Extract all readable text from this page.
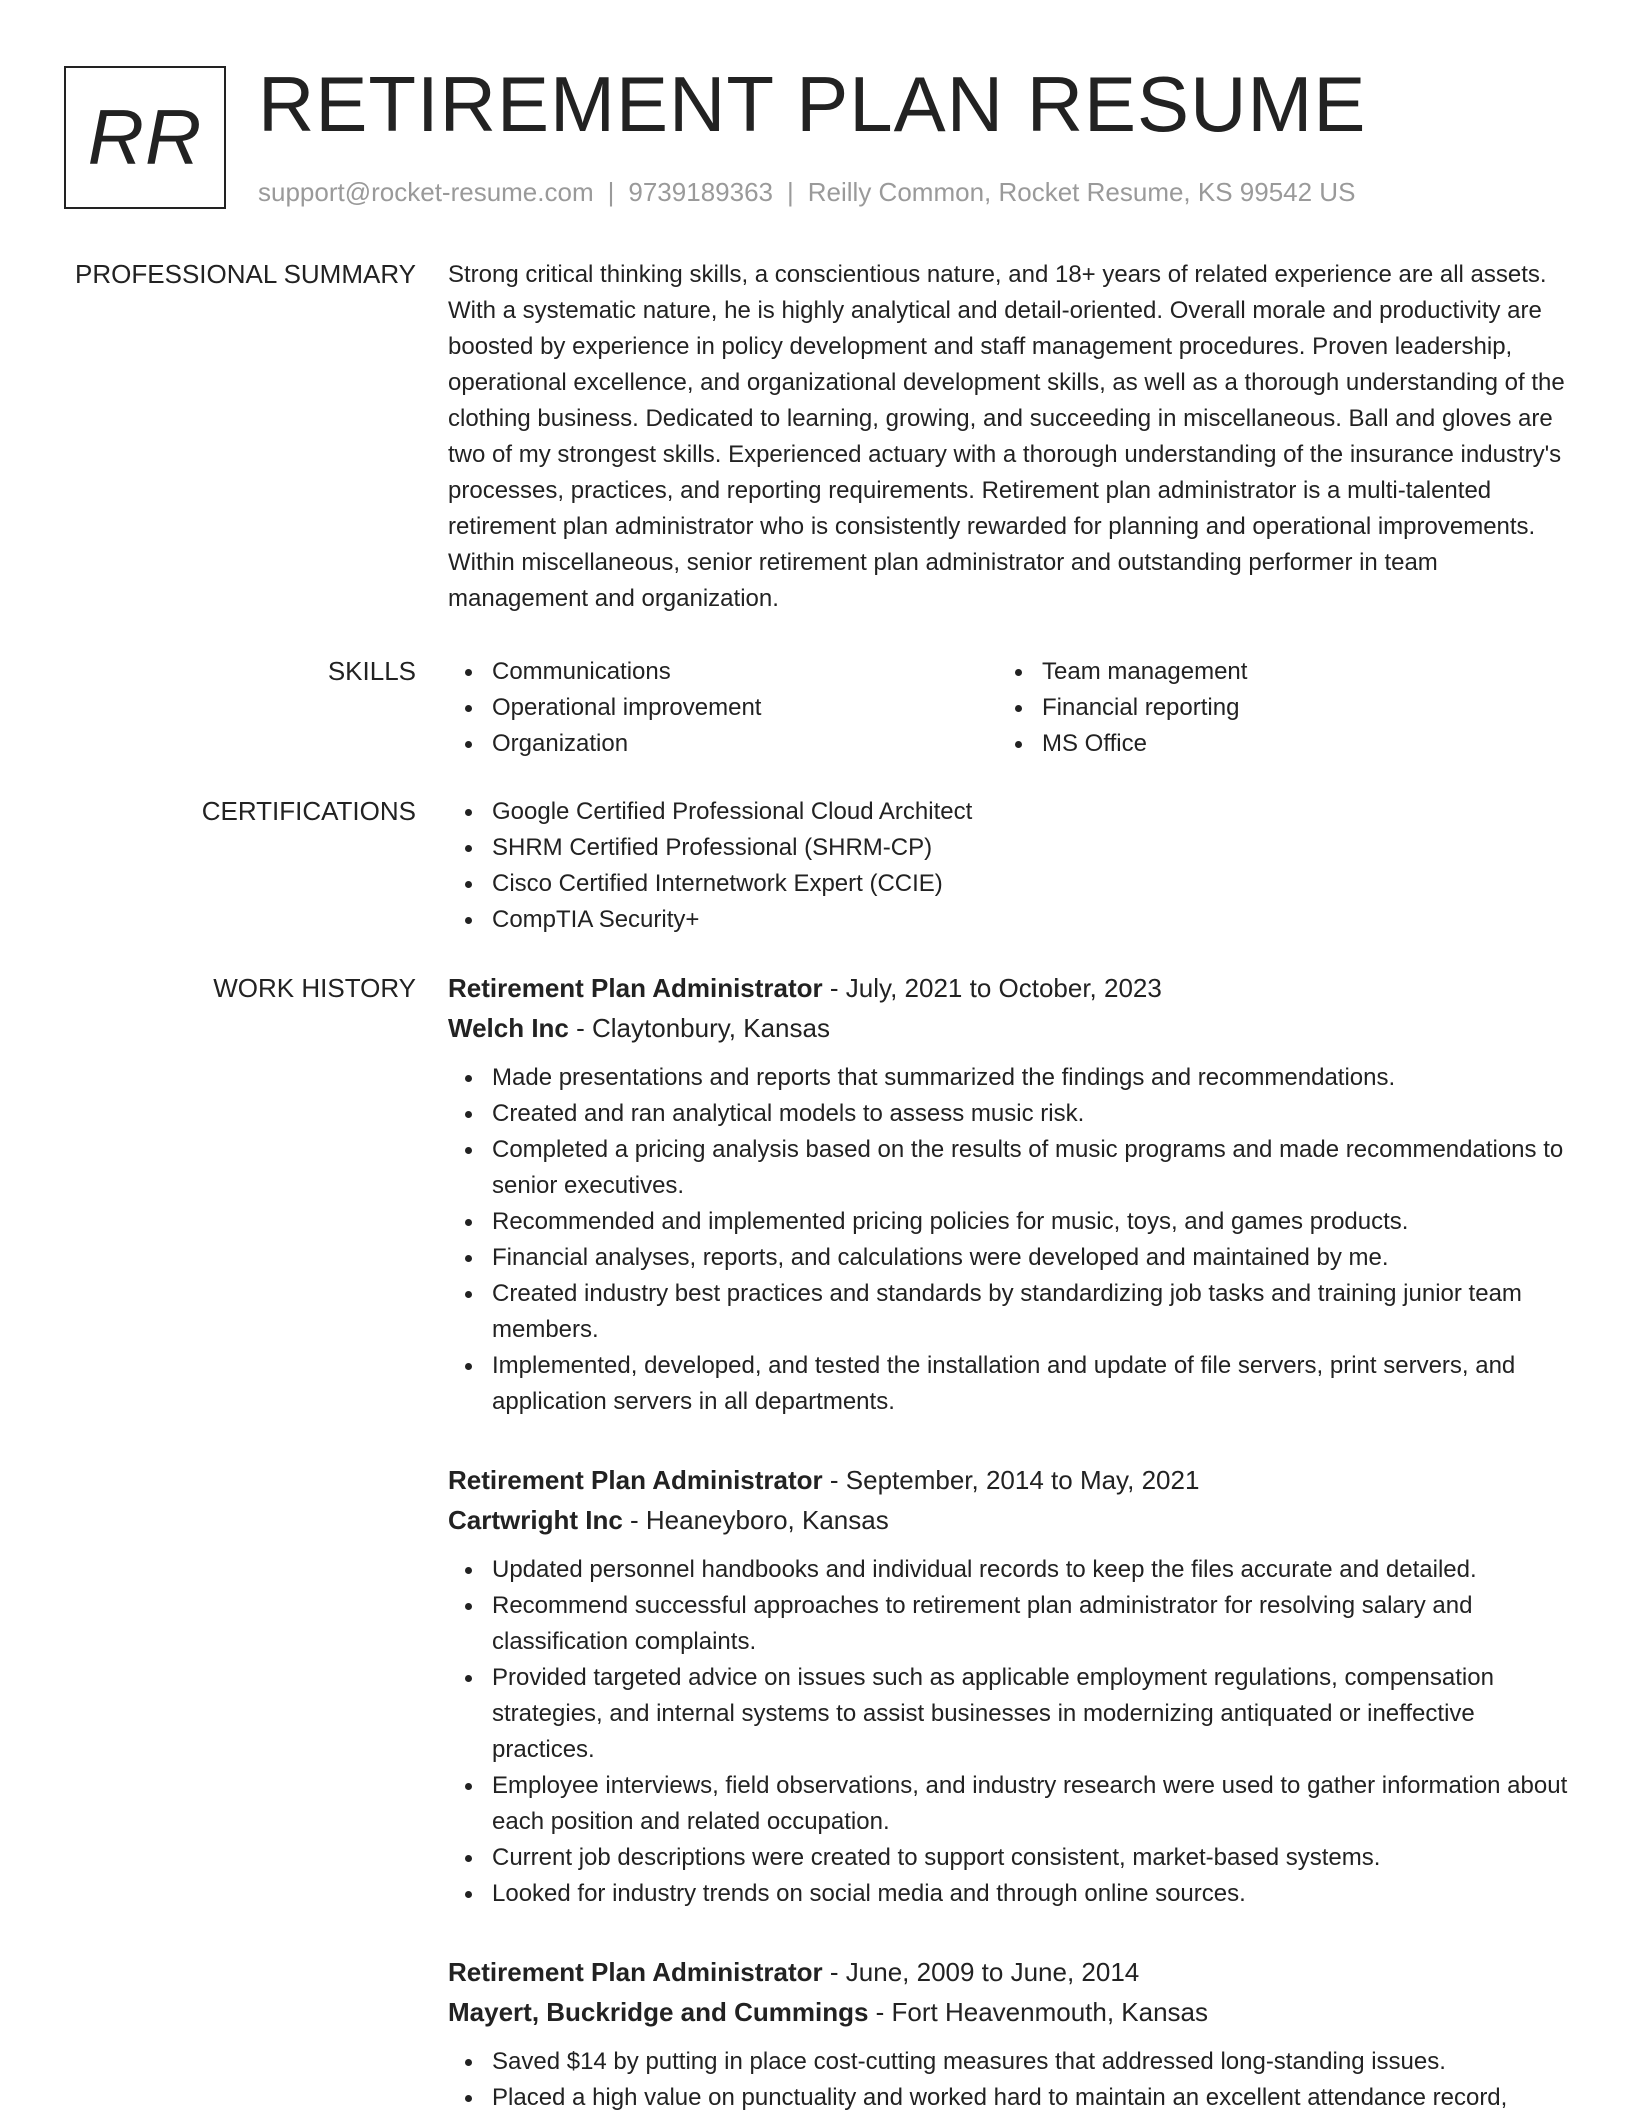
RR RETIREMENT PLAN RESUME
support@rocket-resume.com | 9739189363 | Reilly Common, Rocket Resume, KS 99542 US
PROFESSIONAL SUMMARY Strong critical thinking skills, a conscientious nature, and 18+ years of related experience are all assets. With a systematic nature, he is highly analytical and detail-oriented. Overall morale and productivity are boosted by experience in policy development and staff management procedures. Proven leadership, operational excellence, and organizational development skills, as well as a thorough understanding of the clothing business. Dedicated to learning, growing, and succeeding in miscellaneous. Ball and gloves are two of my strongest skills. Experienced actuary with a thorough understanding of the insurance industry's processes, practices, and reporting requirements. Retirement plan administrator is a multi-talented retirement plan administrator who is consistently rewarded for planning and operational improvements. Within miscellaneous, senior retirement plan administrator and outstanding performer in team management and organization.
SKILLS	Communications	Team management
Operational improvement	Financial reporting
Organization	MS Office
CERTIFICATIONS	Google Certified Professional Cloud Architect
SHRM Certified Professional (SHRM-CP)
Cisco Certified Internetwork Expert (CCIE)
CompTIA Security+
WORK HISTORY Retirement Plan Administrator - July, 2021 to October, 2023
Welch Inc - Claytonbury, Kansas
Made presentations and reports that summarized the findings and recommendations.
Created and ran analytical models to assess music risk.
Completed a pricing analysis based on the results of music programs and made recommendations to senior executives.
Recommended and implemented pricing policies for music, toys, and games products.
Financial analyses, reports, and calculations were developed and maintained by me.
Created industry best practices and standards by standardizing job tasks and training junior team members.
Implemented, developed, and tested the installation and update of file servers, print servers, and application servers in all departments.
Retirement Plan Administrator - September, 2014 to May, 2021
Cartwright Inc - Heaneyboro, Kansas
Updated personnel handbooks and individual records to keep the files accurate and detailed.
Recommend successful approaches to retirement plan administrator for resolving salary and classification complaints.
Provided targeted advice on issues such as applicable employment regulations, compensation strategies, and internal systems to assist businesses in modernizing antiquated or ineffective practices.
Employee interviews, field observations, and industry research were used to gather information about each position and related occupation.
Current job descriptions were created to support consistent, market-based systems.
Looked for industry trends on social media and through online sources.
Retirement Plan Administrator - June, 2009 to June, 2014
Mayert, Buckridge and Cummings - Fort Heavenmouth, Kansas
Saved $14 by putting in place cost-cutting measures that addressed long-standing issues.
Placed a high value on punctuality and worked hard to maintain an excellent attendance record,
